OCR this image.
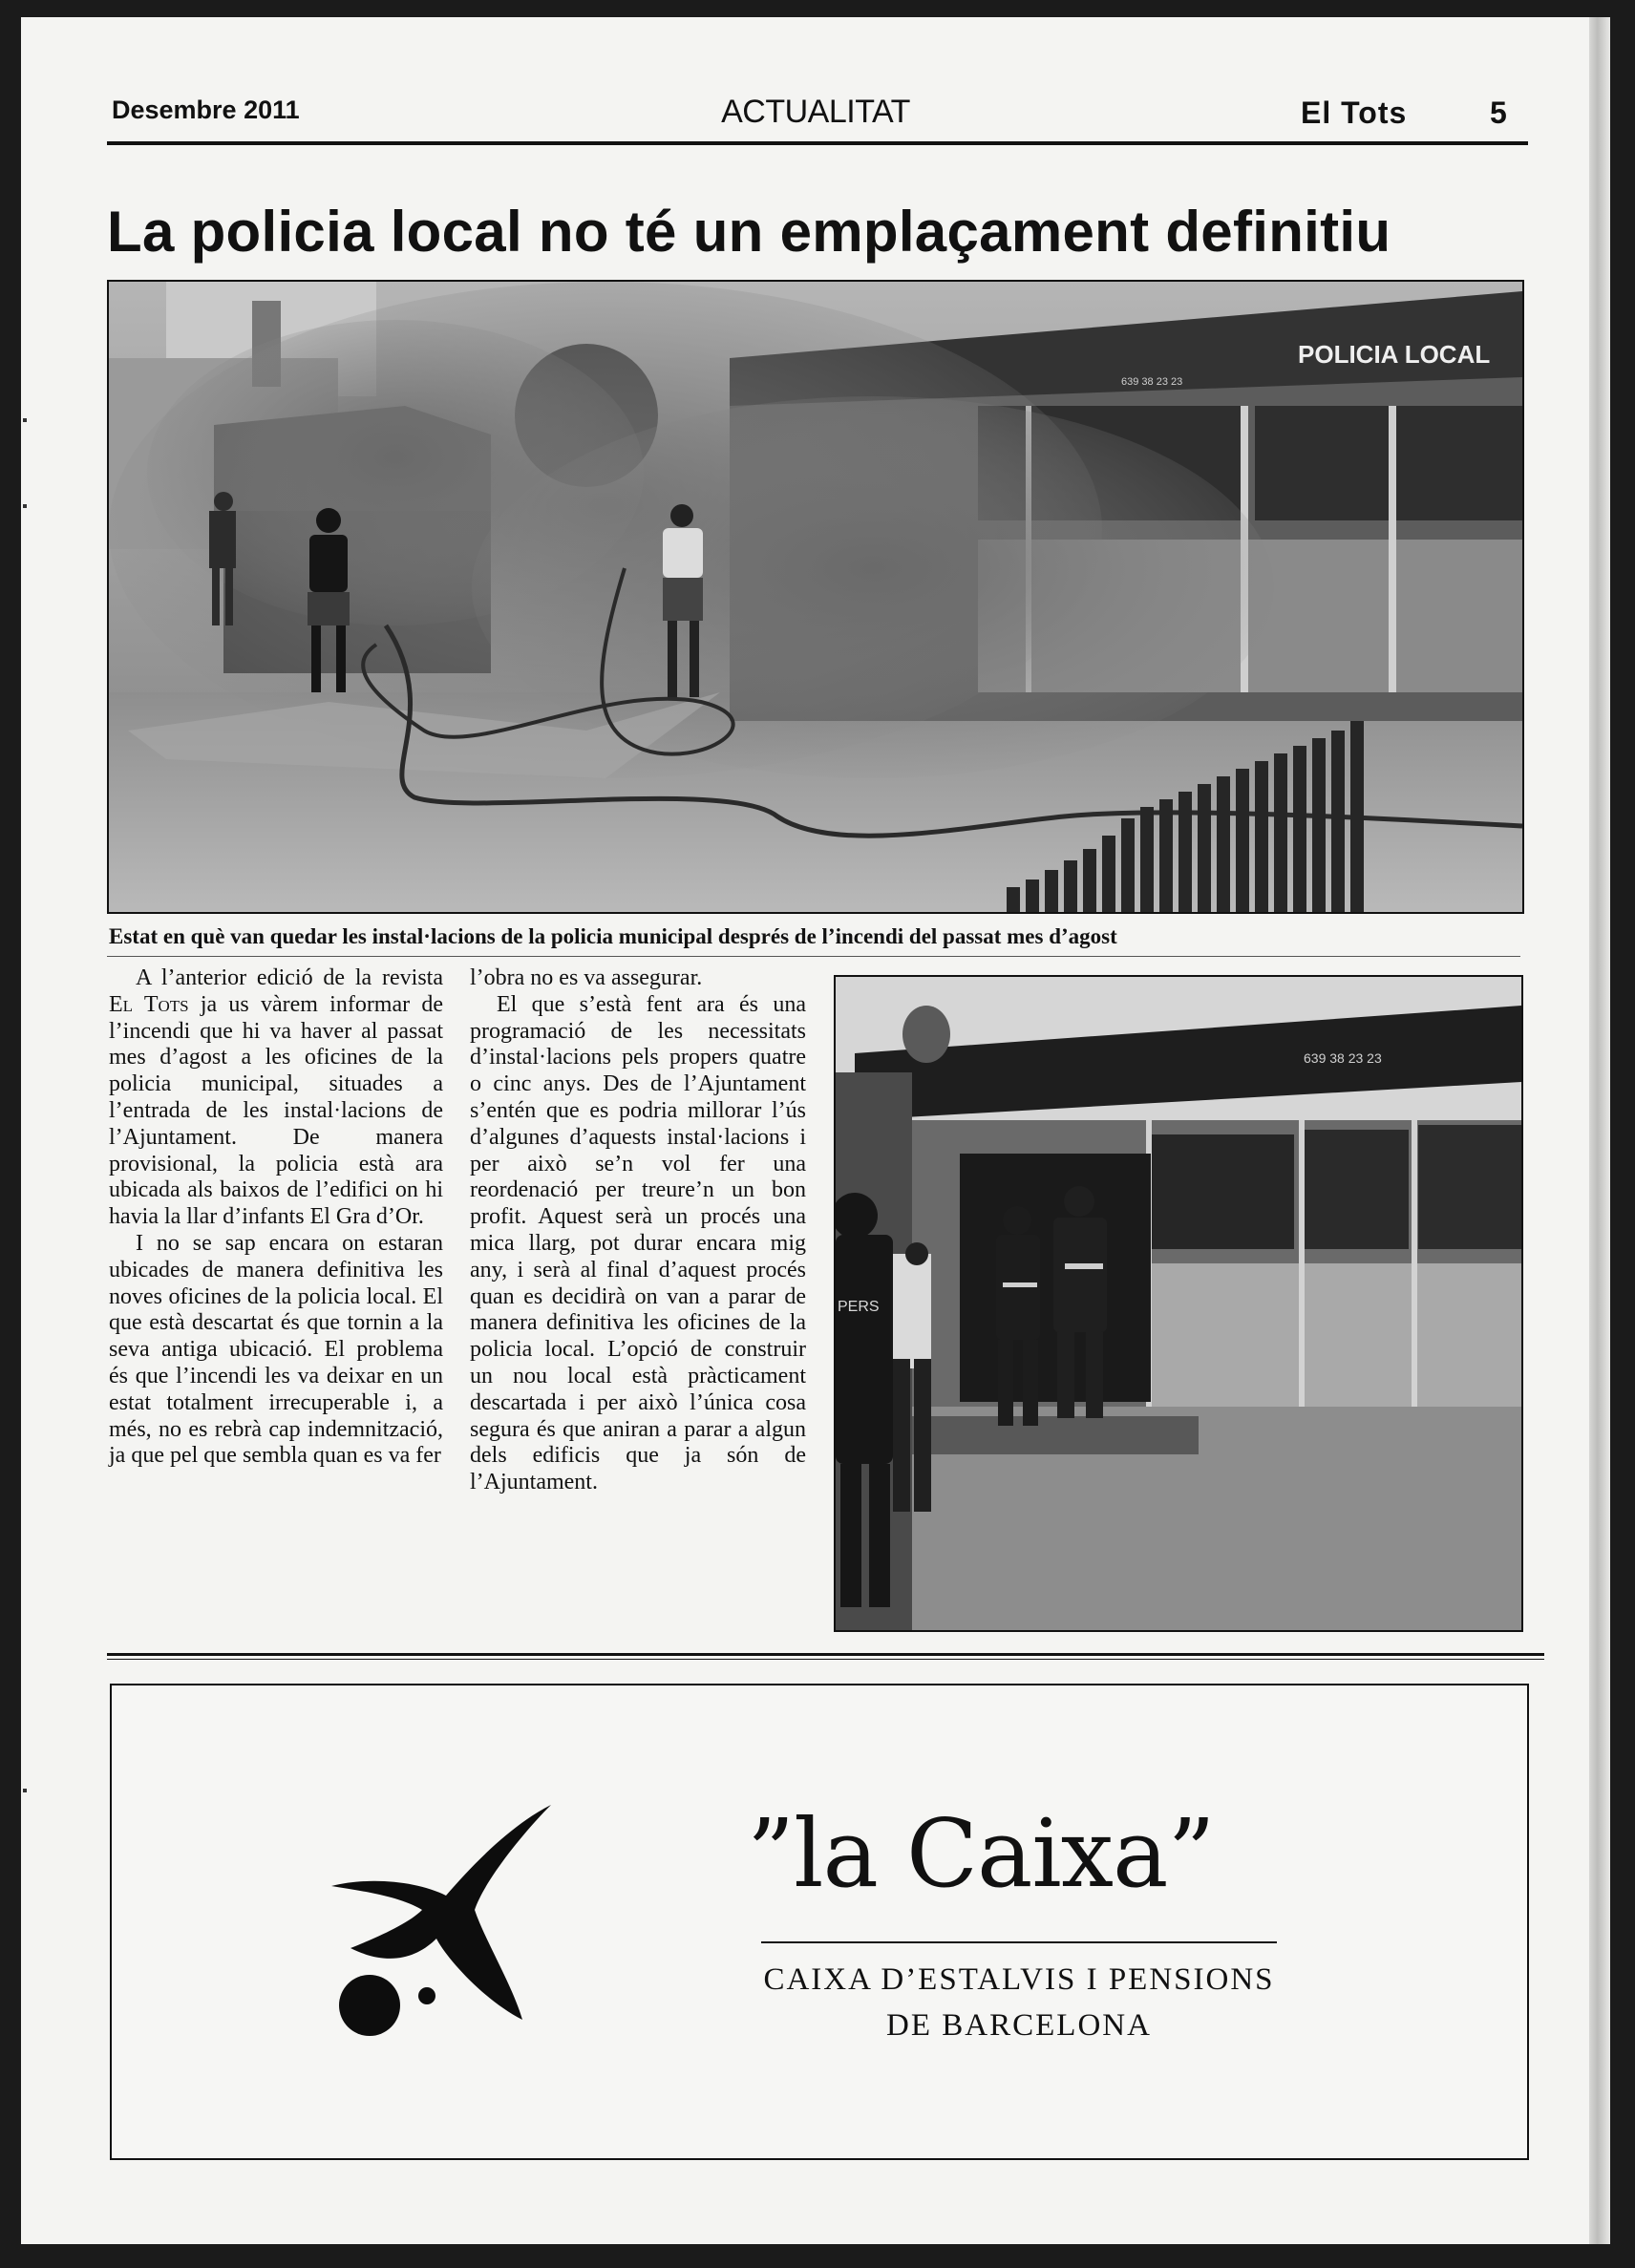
Desembre 2011	ACTUALITAT	El Tots	5
La policia local no té un emplaçament definitiu
POLICIA LOCAL
639 38 23 23
Estat en què van quedar les instal·lacions de la policia municipal després de l’incendi del passat mes d’agost

A l’anterior edició de la revista El Tots ja us vàrem informar de l’incendi que hi va haver al passat mes d’agost a les oficines de la policia municipal, situades a l’entrada de les instal·lacions de l’Ajuntament. De manera provisional, la policia està ara ubicada als baixos de l’edifici on hi havia la llar d’infants El Gra d’Or.

I no se sap encara on estaran ubicades de manera definitiva les noves oficines de la policia local. El que està descartat és que tornin a la seva antiga ubicació. El problema és que l’incendi les va deixar en un estat totalment irrecuperable i, a més, no es rebrà cap indemnització, ja que pel que sembla quan es va fer

l’obra no es va assegurar.

El que s’està fent ara és una programació de les necessitats d’instal·lacions pels propers quatre o cinc anys. Des de l’Ajuntament s’entén que es podria millorar l’ús d’algunes d’aquests instal·lacions i per això se’n vol fer una reordenació per treure’n un bon profit. Aquest serà un procés una mica llarg, pot durar encara mig any, i serà al final d’aquest procés quan es decidirà on van a parar de manera definitiva les oficines de la policia local. L’opció de construir un nou local està pràcticament descartada i per això l’única cosa segura és que aniran a parar a algun dels edificis que ja són de l’Ajuntament.

639 38 23 23
PERS
”la Caixa”
CAIXA D’ESTALVIS I PENSIONS
DE BARCELONA
